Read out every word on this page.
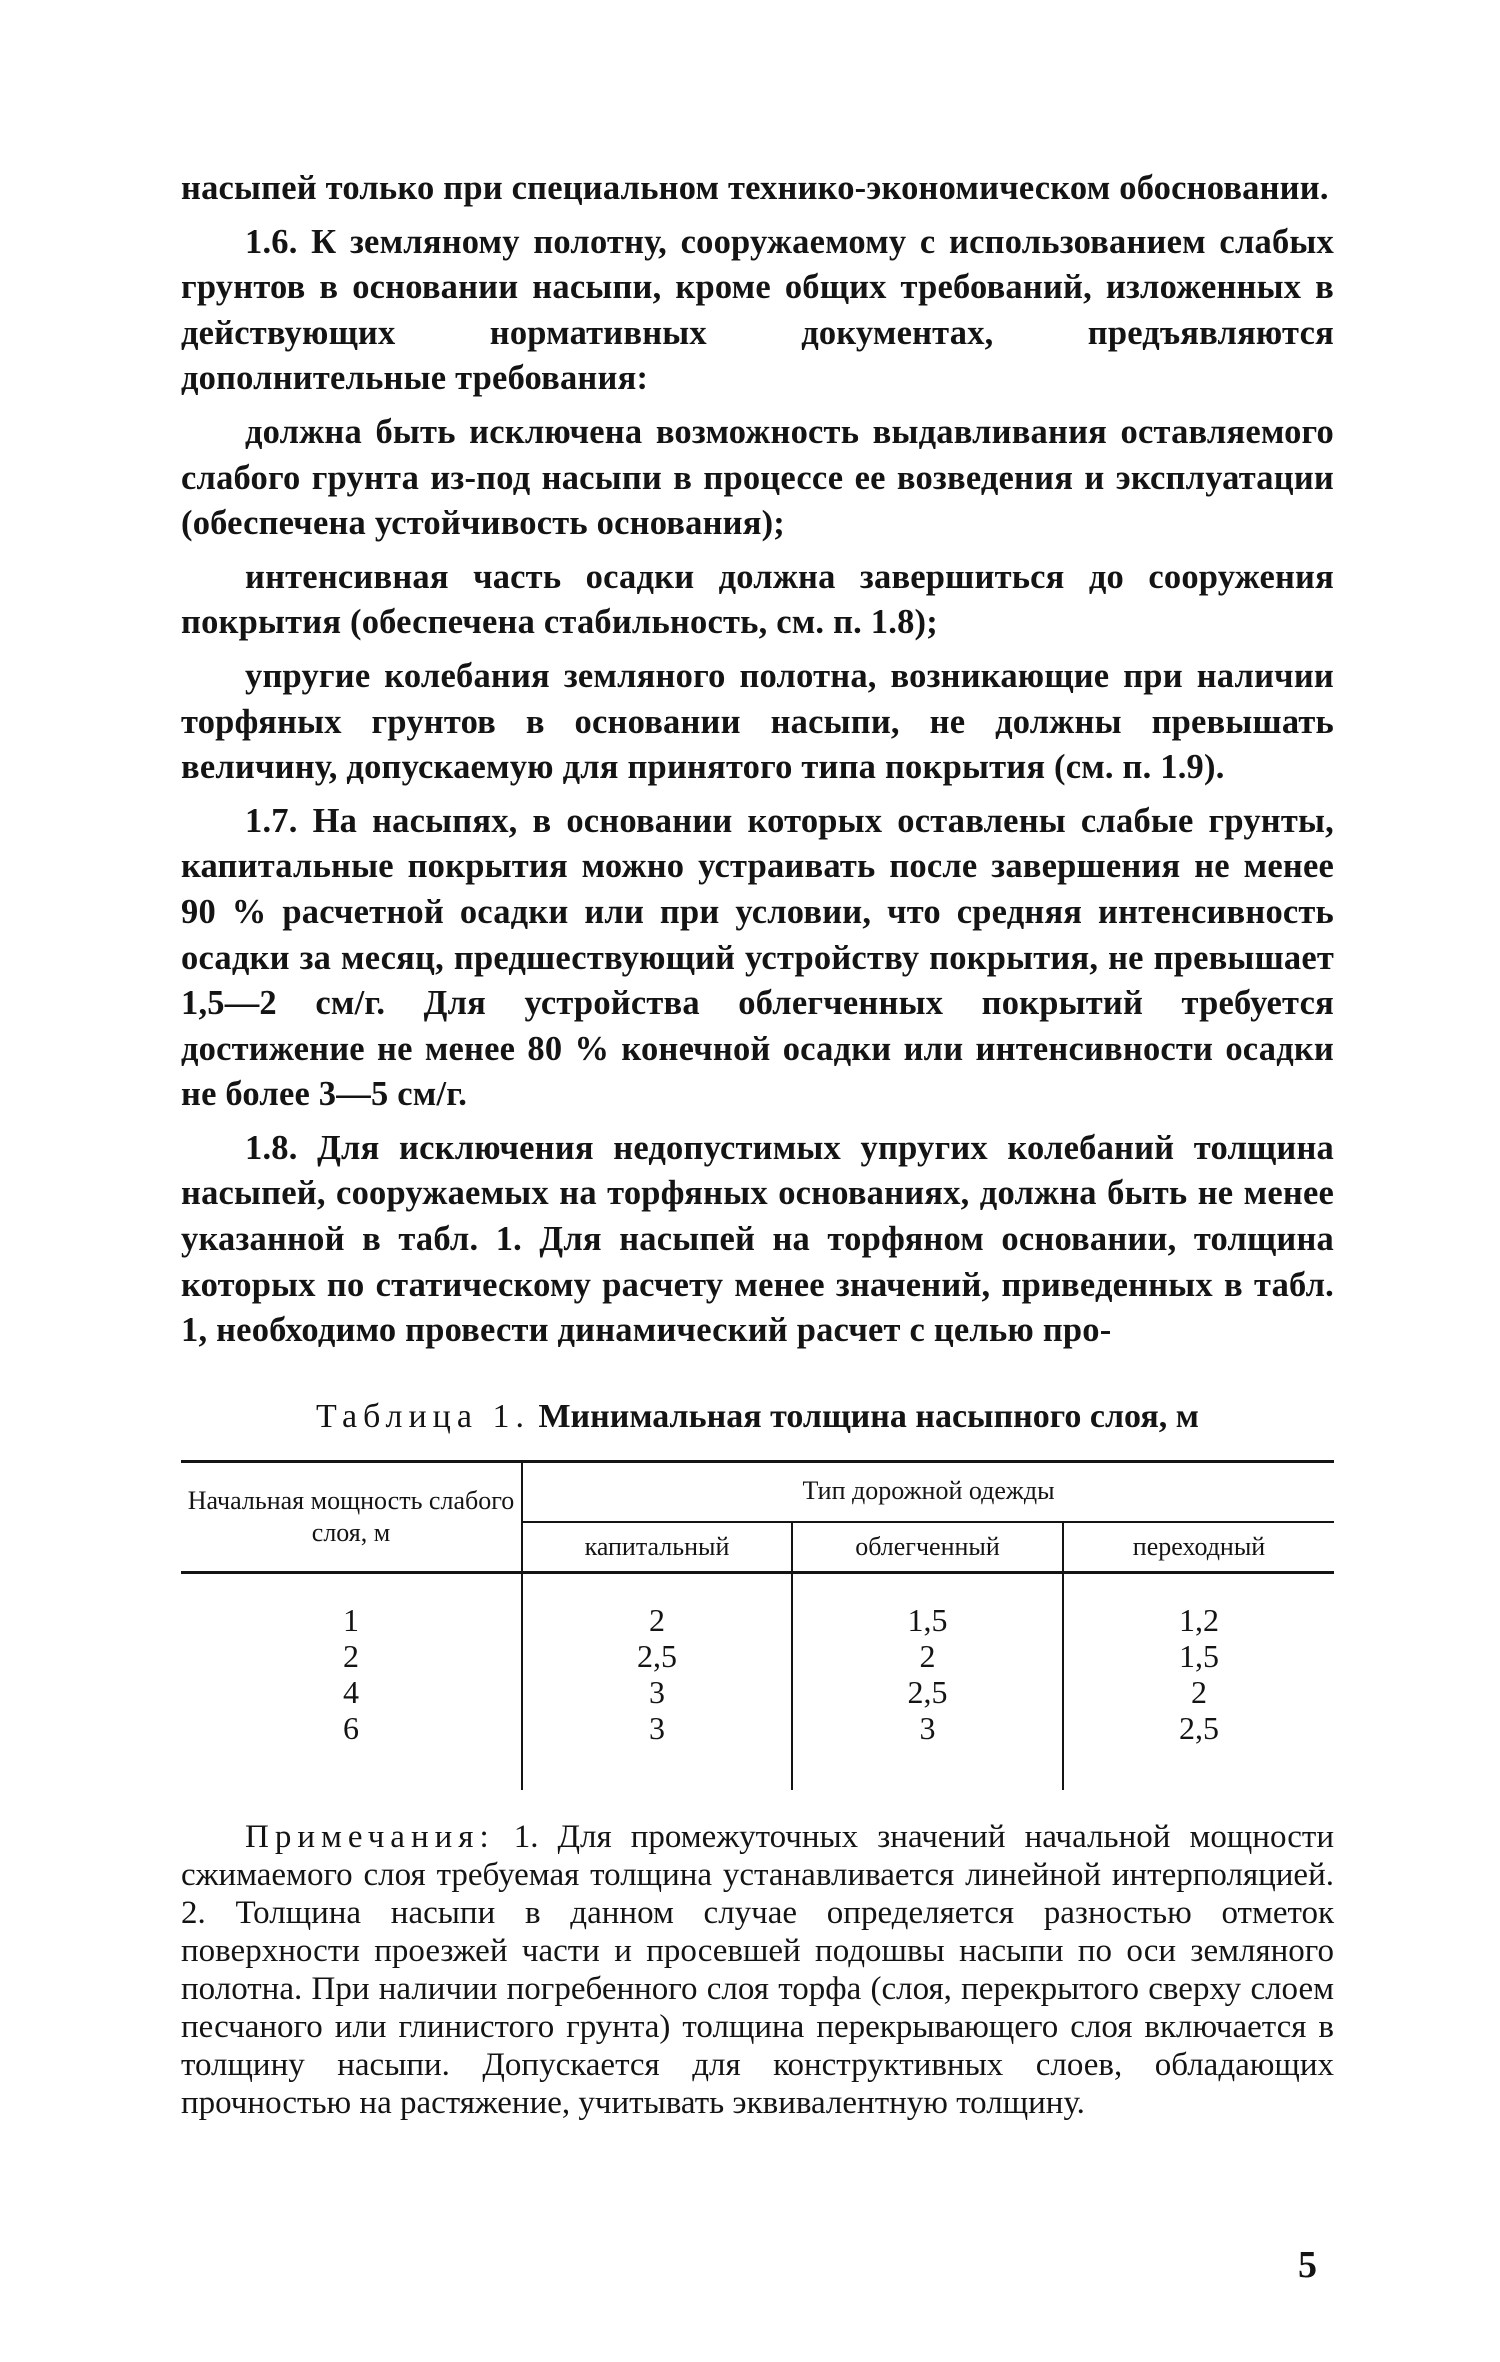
насыпей только при специальном технико-экономическом обосновании.

1.6. К земляному полотну, сооружаемому с использованием слабых грунтов в основании насыпи, кроме общих требований, изложенных в действующих нормативных документах, предъявляются дополнительные требования:

должна быть исключена возможность выдавливания оставляемого слабого грунта из-под насыпи в процессе ее возведения и эксплуатации (обеспечена устойчивость основания);

интенсивная часть осадки должна завершиться до сооружения покрытия (обеспечена стабильность, см. п. 1.8);

упругие колебания земляного полотна, возникающие при наличии торфяных грунтов в основании насыпи, не должны превышать величину, допускаемую для принятого типа покрытия (см. п. 1.9).

1.7. На насыпях, в основании которых оставлены слабые грунты, капитальные покрытия можно устраивать после завершения не менее 90 % расчетной осадки или при условии, что средняя интенсивность осадки за месяц, предшествующий устройству покрытия, не превышает 1,5—2 см/г. Для устройства облегченных покрытий требуется достижение не менее 80 % конечной осадки или интенсивности осадки не более 3—5 см/г.

1.8. Для исключения недопустимых упругих колебаний толщина насыпей, сооружаемых на торфяных основаниях, должна быть не менее указанной в табл. 1. Для насыпей на торфяном основании, толщина которых по статическому расчету менее значений, приведенных в табл. 1, необходимо провести динамический расчет с целью про-

Таблица 1. Минимальная толщина насыпного слоя, м
Начальная мощность слабого слоя, м	Тип дорожной одежды		
	капитальный	облегченный	переходный
1	2	1,5	1,2
2	2,5	2	1,5
4	3	2,5	2
6	3	3	2,5

Примечания: 1. Для промежуточных значений начальной мощности сжимаемого слоя требуемая толщина устанавливается линейной интерполяцией. 2. Толщина насыпи в данном случае определяется разностью отметок поверхности проезжей части и просевшей подошвы насыпи по оси земляного полотна. При наличии погребенного слоя торфа (слоя, перекрытого сверху слоем песчаного или глинистого грунта) толщина перекрывающего слоя включается в толщину насыпи. Допускается для конструктивных слоев, обладающих прочностью на растяжение, учитывать эквивалентную толщину.

5
